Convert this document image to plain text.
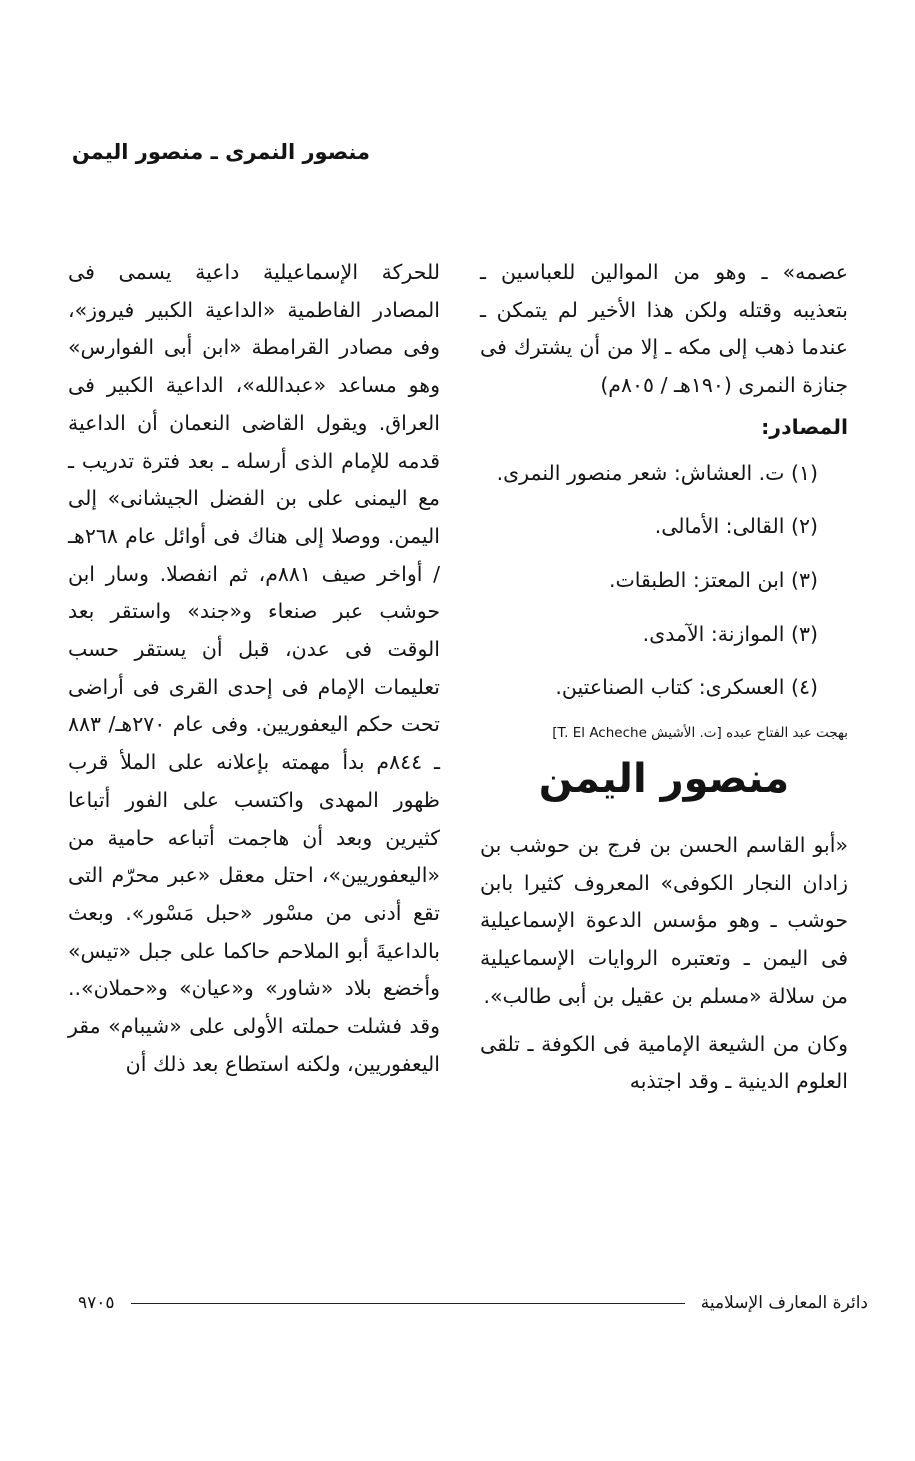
منصور النمرى ـ منصور اليمن

عصمه» ـ وهو من الموالين للعباسين ـ بتعذيبه وقتله ولكن هذا الأخير لم يتمكن ـ عندما ذهب إلى مكه ـ إلا من أن يشترك فى جنازة النمرى (١٩٠هـ / ٨٠٥م)

المصادر:

(١) ت. العشاش: شعر منصور النمرى.

(٢) القالى: الأمالى.

(٣) ابن المعتز: الطبقات.

(٣) الموازنة: الآمدى.

(٤) العسكرى: كتاب الصناعتين.

بهجت عبد الفتاح عبده [ت. الأشيش T. El Acheche]

منصور اليمن

«أبو القاسم الحسن بن فرج بن حوشب بن زادان النجار الكوفى» المعروف كثيرا بابن حوشب ـ وهو مؤسس الدعوة الإسماعيلية فى اليمن ـ وتعتبره الروايات الإسماعيلية من سلالة «مسلم بن عقيل بن أبى طالب».

وكان من الشيعة الإمامية فى الكوفة ـ تلقى العلوم الدينية ـ وقد اجتذبه

للحركة الإسماعيلية داعية يسمى فى المصادر الفاطمية «الداعية الكبير فيروز»، وفى مصادر القرامطة «ابن أبى الفوارس» وهو مساعد «عبدالله»، الداعية الكبير فى العراق. ويقول القاضى النعمان أن الداعية قدمه للإمام الذى أرسله ـ بعد فترة تدريب ـ مع اليمنى على بن الفضل الجيشانى» إلى اليمن. ووصلا إلى هناك فى أوائل عام ٢٦٨هـ / أواخر صيف ٨٨١م، ثم انفصلا. وسار ابن حوشب عبر صنعاء و«جند» واستقر بعد الوقت فى عدن، قبل أن يستقر حسب تعليمات الإمام فى إحدى القرى فى أراضى تحت حكم اليعفوريين. وفى عام ٢٧٠هـ/ ٨٨٣ ـ ٨٤٤م بدأ مهمته بإعلانه على الملأ قرب ظهور المهدى واكتسب على الفور أتباعا كثيرين وبعد أن هاجمت أتباعه حامية من «اليعفوريين»، احتل معقل «عبر محرّم التى تقع أدنى من مسْور «حبل مَسْور». وبعث بالداعيةَ أبو الملاحم حاكما على جبل «تيس» وأخضع بلاد «شاور» و«عيان» و«حملان».. وقد فشلت حملته الأولى على «شيبام» مقر اليعفوريين، ولكنه استطاع بعد ذلك أن

دائرة المعارف الإسلامية
٩٧٠٥
